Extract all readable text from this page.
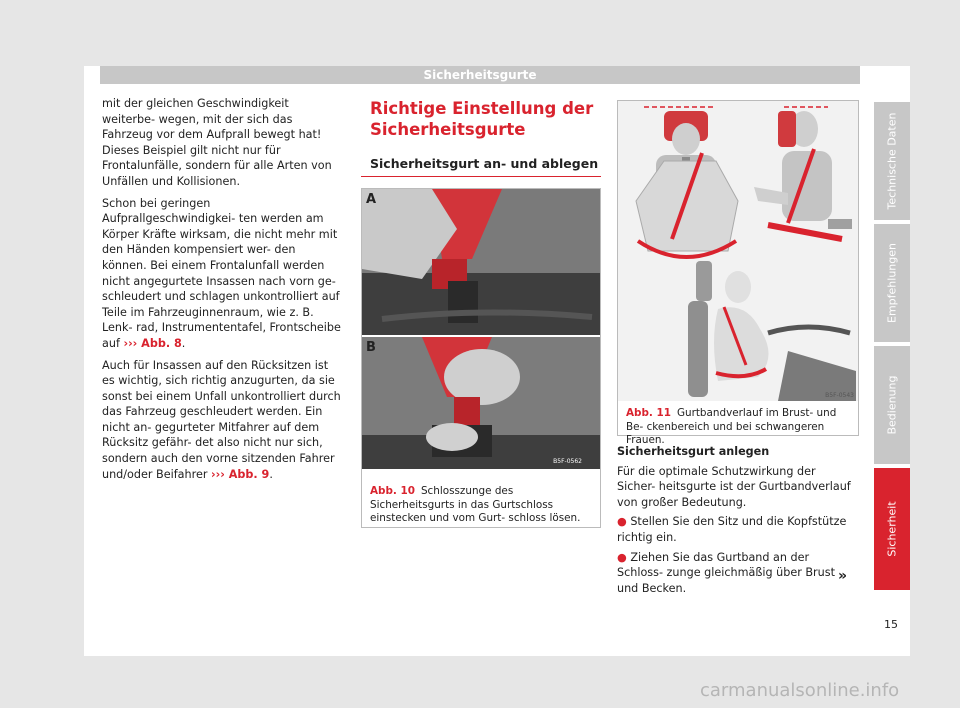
Sicherheitsgurte

mit der gleichen Geschwindigkeit weiterbe- wegen, mit der sich das Fahrzeug vor dem Aufprall bewegt hat! Dieses Beispiel gilt nicht nur für Frontalunfälle, sondern für alle Arten von Unfällen und Kollisionen.

Schon bei geringen Aufprallgeschwindigkei- ten werden am Körper Kräfte wirksam, die nicht mehr mit den Händen kompensiert wer- den können. Bei einem Frontalunfall werden nicht angegurtete Insassen nach vorn ge- schleudert und schlagen unkontrolliert auf Teile im Fahrzeuginnenraum, wie z. B. Lenk- rad, Instrumententafel, Frontscheibe auf ››› Abb. 8.

Auch für Insassen auf den Rücksitzen ist es wichtig, sich richtig anzugurten, da sie sonst bei einem Unfall unkontrolliert durch das Fahrzeug geschleudert werden. Ein nicht an- gegurteter Mitfahrer auf dem Rücksitz gefähr- det also nicht nur sich, sondern auch den vorne sitzenden Fahrer und/oder Beifahrer ››› Abb. 9.

Richtige Einstellung der Sicherheitsgurte
Sicherheitsgurt an- und ablegen
A
B
B5F-0562
Abb. 10 Schlosszunge des Sicherheitsgurts in das Gurtschloss einstecken und vom Gurt- schloss lösen.
B5F-0543
Abb. 11 Gurtbandverlauf im Brust- und Be- ckenbereich und bei schwangeren Frauen.
Sicherheitsgurt anlegen

Für die optimale Schutzwirkung der Sicher- heitsgurte ist der Gurtbandverlauf von großer Bedeutung.

● Stellen Sie den Sitz und die Kopfstütze richtig ein.

● Ziehen Sie das Gurtband an der Schloss- zunge gleichmäßig über Brust und Becken.

»
Technische Daten
Empfehlungen
Bedienung
Sicherheit
15
carmanualsonline.info
